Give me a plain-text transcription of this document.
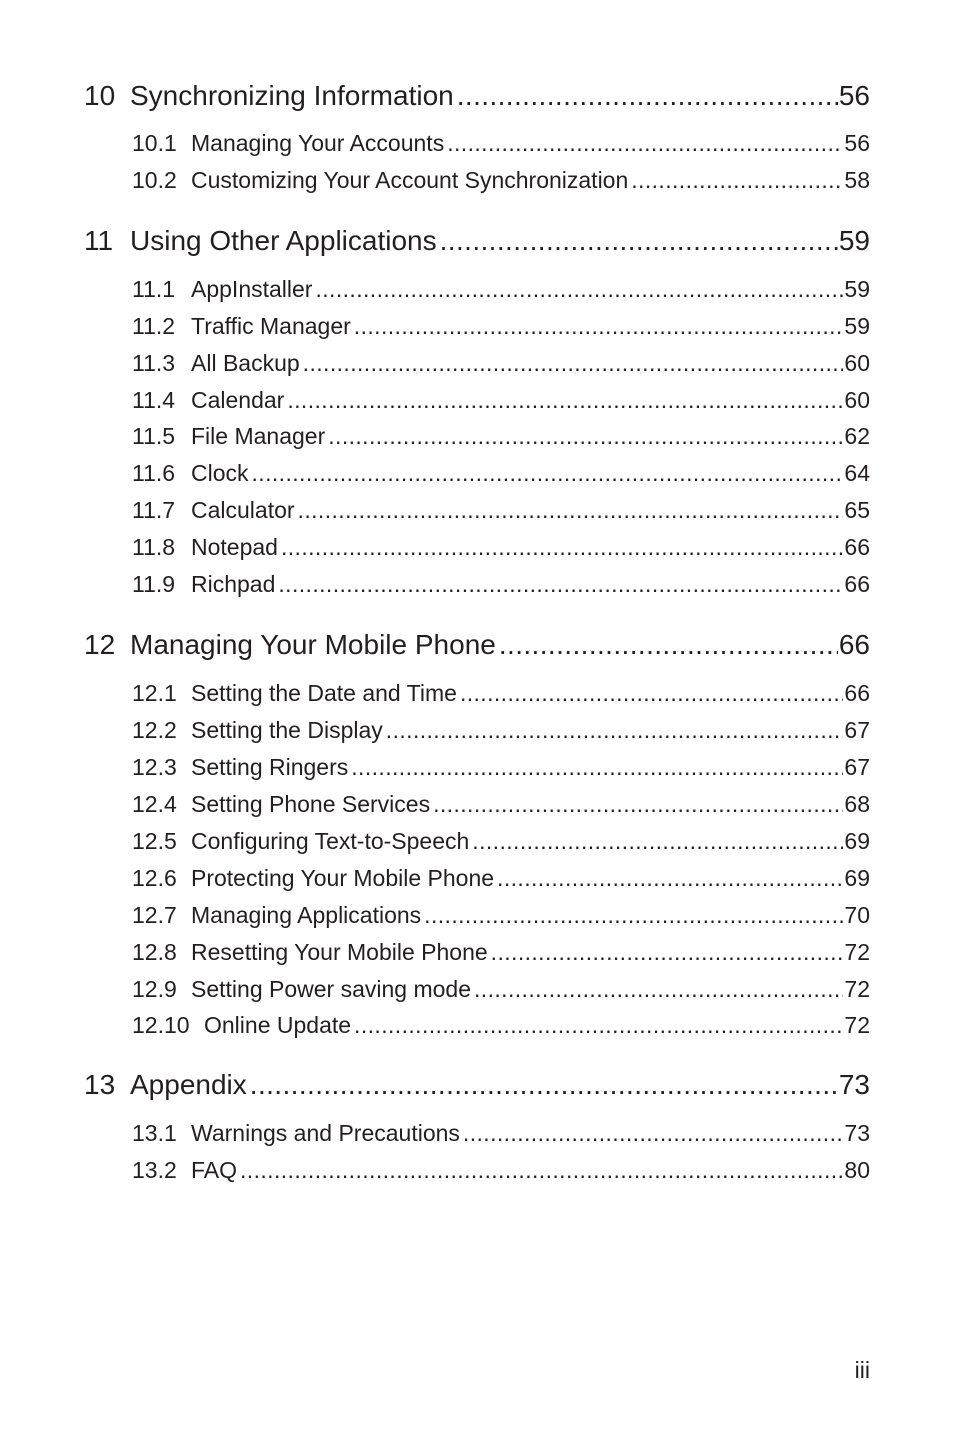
10 Synchronizing Information .....	56
10.1 Managing Your Accounts .....	56
10.2 Customizing Your Account Synchronization .....	58
11 Using Other Applications .....	59
11.1 AppInstaller .....	59
11.2 Traffic Manager .....	59
11.3 All Backup .....	60
11.4 Calendar .....	60
11.5 File Manager .....	62
11.6 Clock .....	64
11.7 Calculator .....	65
11.8 Notepad .....	66
11.9 Richpad .....	66
12 Managing Your Mobile Phone .....	66
12.1 Setting the Date and Time .....	66
12.2 Setting the Display .....	67
12.3 Setting Ringers .....	67
12.4 Setting Phone Services .....	68
12.5 Configuring Text-to-Speech .....	69
12.6 Protecting Your Mobile Phone .....	69
12.7 Managing Applications .....	70
12.8 Resetting Your Mobile Phone .....	72
12.9 Setting Power saving mode .....	72
12.10 Online Update .....	72
13 Appendix .....	73
13.1 Warnings and Precautions .....	73
13.2 FAQ .....	80
iii
